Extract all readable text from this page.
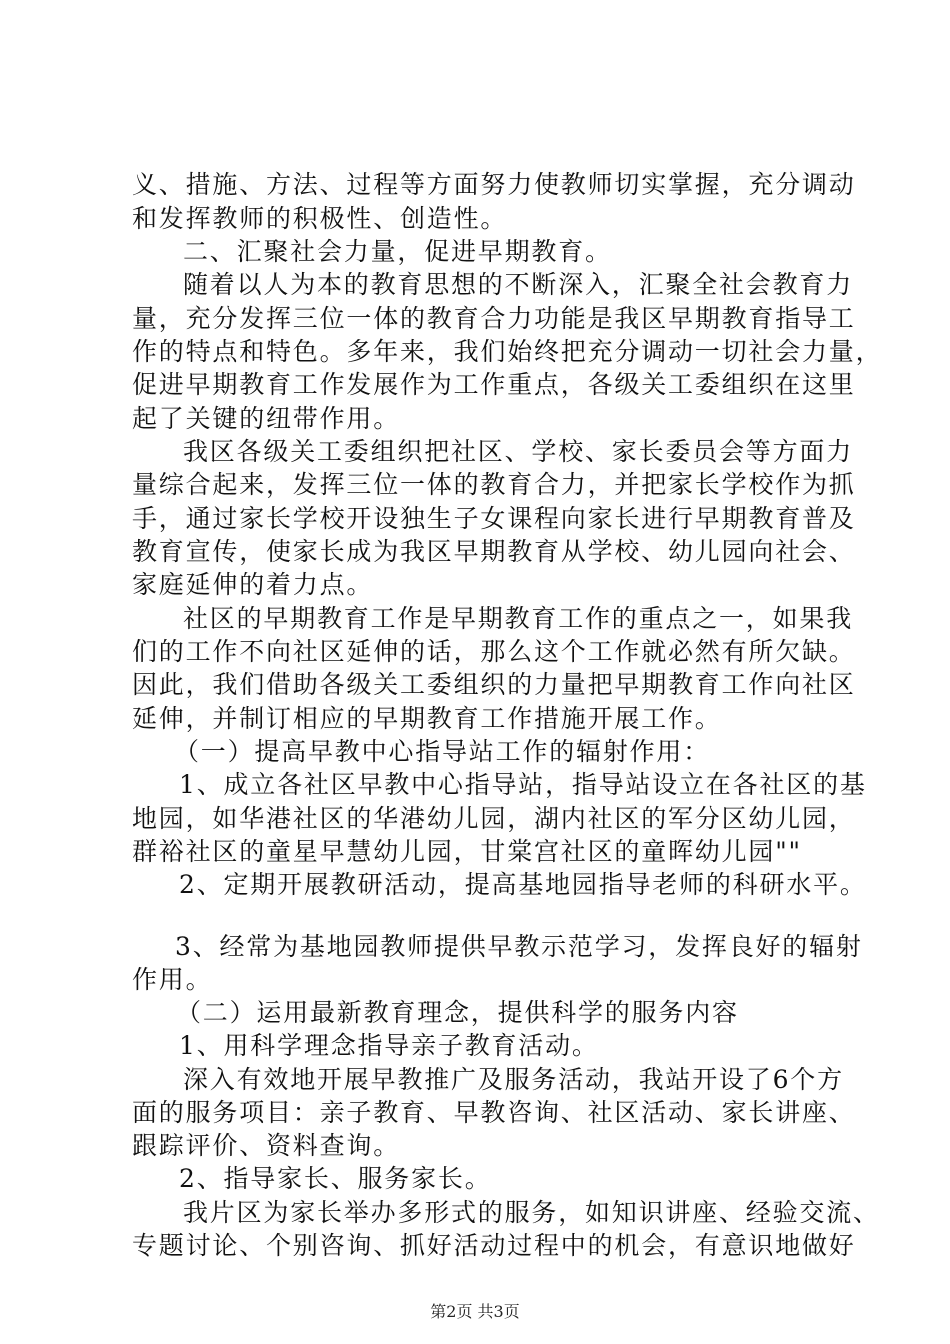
义、措施、方法、过程等方面努力使教师切实掌握，充分调动
和发挥教师的积极性、创造性。
二、汇聚社会力量，促进早期教育。
随着以人为本的教育思想的不断深入，汇聚全社会教育力
量，充分发挥三位一体的教育合力功能是我区早期教育指导工
作的特点和特色。多年来，我们始终把充分调动一切社会力量，
促进早期教育工作发展作为工作重点，各级关工委组织在这里
起了关键的纽带作用。
我区各级关工委组织把社区、学校、家长委员会等方面力
量综合起来，发挥三位一体的教育合力，并把家长学校作为抓
手，通过家长学校开设独生子女课程向家长进行早期教育普及
教育宣传，使家长成为我区早期教育从学校、幼儿园向社会、
家庭延伸的着力点。
社区的早期教育工作是早期教育工作的重点之一，如果我
们的工作不向社区延伸的话，那么这个工作就必然有所欠缺。
因此，我们借助各级关工委组织的力量把早期教育工作向社区
延伸，并制订相应的早期教育工作措施开展工作。
（一）提高早教中心指导站工作的辐射作用：
1、成立各社区早教中心指导站，指导站设立在各社区的基
地园，如华港社区的华港幼儿园，湖内社区的军分区幼儿园，
群裕社区的童星早慧幼儿园，甘棠宫社区的童晖幼儿园""
2、定期开展教研活动，提高基地园指导老师的科研水平。
3、经常为基地园教师提供早教示范学习，发挥良好的辐射
作用。
（二）运用最新教育理念，提供科学的服务内容
1、用科学理念指导亲子教育活动。
深入有效地开展早教推广及服务活动，我站开设了6个方
面的服务项目：亲子教育、早教咨询、社区活动、家长讲座、
跟踪评价、资料查询。
2、指导家长、服务家长。
我片区为家长举办多形式的服务，如知识讲座、经验交流、
专题讨论、个别咨询、抓好活动过程中的机会，有意识地做好
第2页 共3页
